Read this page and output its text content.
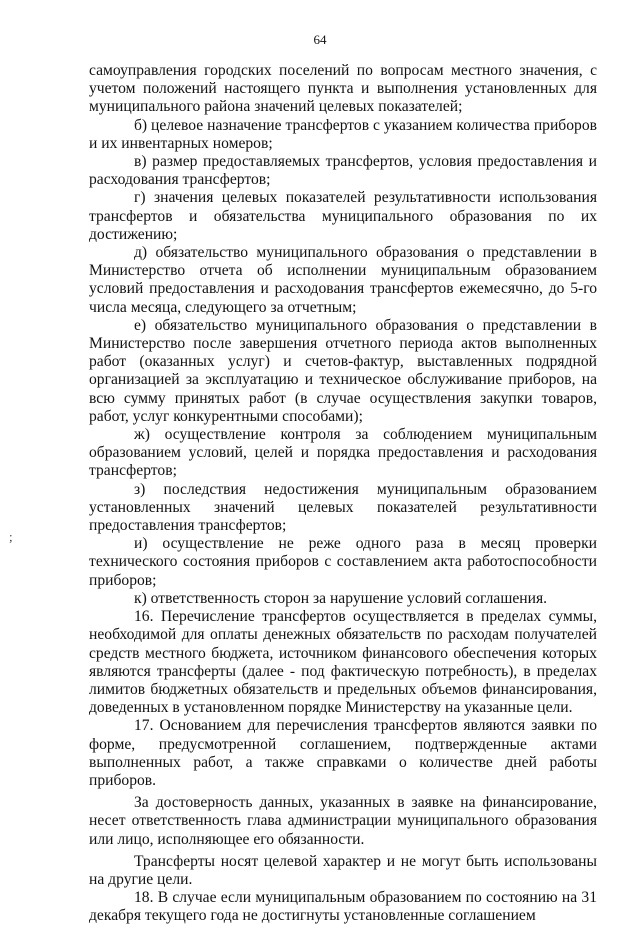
64
;

самоуправления городских поселений по вопросам местного значения, с учетом положений настоящего пункта и выполнения установленных для муниципального района значений целевых показателей;

б) целевое назначение трансфертов с указанием количества приборов и их инвентарных номеров;

в) размер предоставляемых трансфертов, условия предоставления и расходования трансфертов;

г) значения целевых показателей результативности использования трансфертов и обязательства муниципального образования по их достижению;

д) обязательство муниципального образования о представлении в Министерство отчета об исполнении муниципальным образованием условий предоставления и расходования трансфертов ежемесячно, до 5-го числа месяца, следующего за отчетным;

е) обязательство муниципального образования о представлении в Министерство после завершения отчетного периода актов выполненных работ (оказанных услуг) и счетов-фактур, выставленных подрядной организацией за эксплуатацию и техническое обслуживание приборов, на всю сумму принятых работ (в случае осуществления закупки товаров, работ, услуг конкурентными способами);

ж) осуществление контроля за соблюдением муниципальным образованием условий, целей и порядка предоставления и расходования трансфертов;

з) последствия недостижения муниципальным образованием установленных значений целевых показателей результативности предоставления трансфертов;

и) осуществление не реже одного раза в месяц проверки технического состояния приборов с составлением акта работоспособности приборов;

к) ответственность сторон за нарушение условий соглашения.

16. Перечисление трансфертов осуществляется в пределах суммы, необходимой для оплаты денежных обязательств по расходам получателей средств местного бюджета, источником финансового обеспечения которых являются трансферты (далее - под фактическую потребность), в пределах лимитов бюджетных обязательств и предельных объемов финансирования, доведенных в установленном порядке Министерству на указанные цели.

17. Основанием для перечисления трансфертов являются заявки по форме, предусмотренной соглашением, подтвержденные актами выполненных работ, а также справками о количестве дней работы приборов.

За достоверность данных, указанных в заявке на финансирование, несет ответственность глава администрации муниципального образования или лицо, исполняющее его обязанности.

Трансферты носят целевой характер и не могут быть использованы на другие цели.

18. В случае если муниципальным образованием по состоянию на 31 декабря текущего года не достигнуты установленные соглашением
